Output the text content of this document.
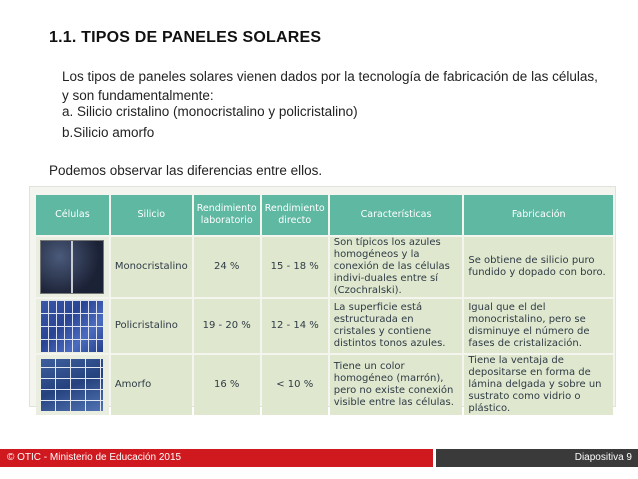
1.1. TIPOS DE PANELES SOLARES
Los tipos de paneles solares vienen dados por la tecnología de fabricación de las células, y son fundamentalmente:
a. Silicio cristalino (monocristalino y policristalino)
b.Silicio amorfo
Podemos observar las diferencias entre ellos.
Células	Silicio	Rendimiento laboratorio	Rendimiento directo	Características	Fabricación

	Monocristalino	24 %	15 - 18 %	Son típicos los azules homogéneos y la conexión de las células indivi-duales entre sí (Czochralski).	Se obtiene de silicio puro fundido y dopado con boro.

	Policristalino	19 - 20 %	12 - 14 %	La superficie está estructurada en cristales y contiene distintos tonos azules.	Igual que el del monocristalino, pero se disminuye el número de fases de cristalización.

	Amorfo	16 %	< 10 %	Tiene un color homogéneo (marrón), pero no existe conexión visible entre las células.	Tiene la ventaja de depositarse en forma de lámina delgada y sobre un sustrato como vidrio o plástico.
© OTIC - Ministerio de Educación 2015	Diapositiva 9
